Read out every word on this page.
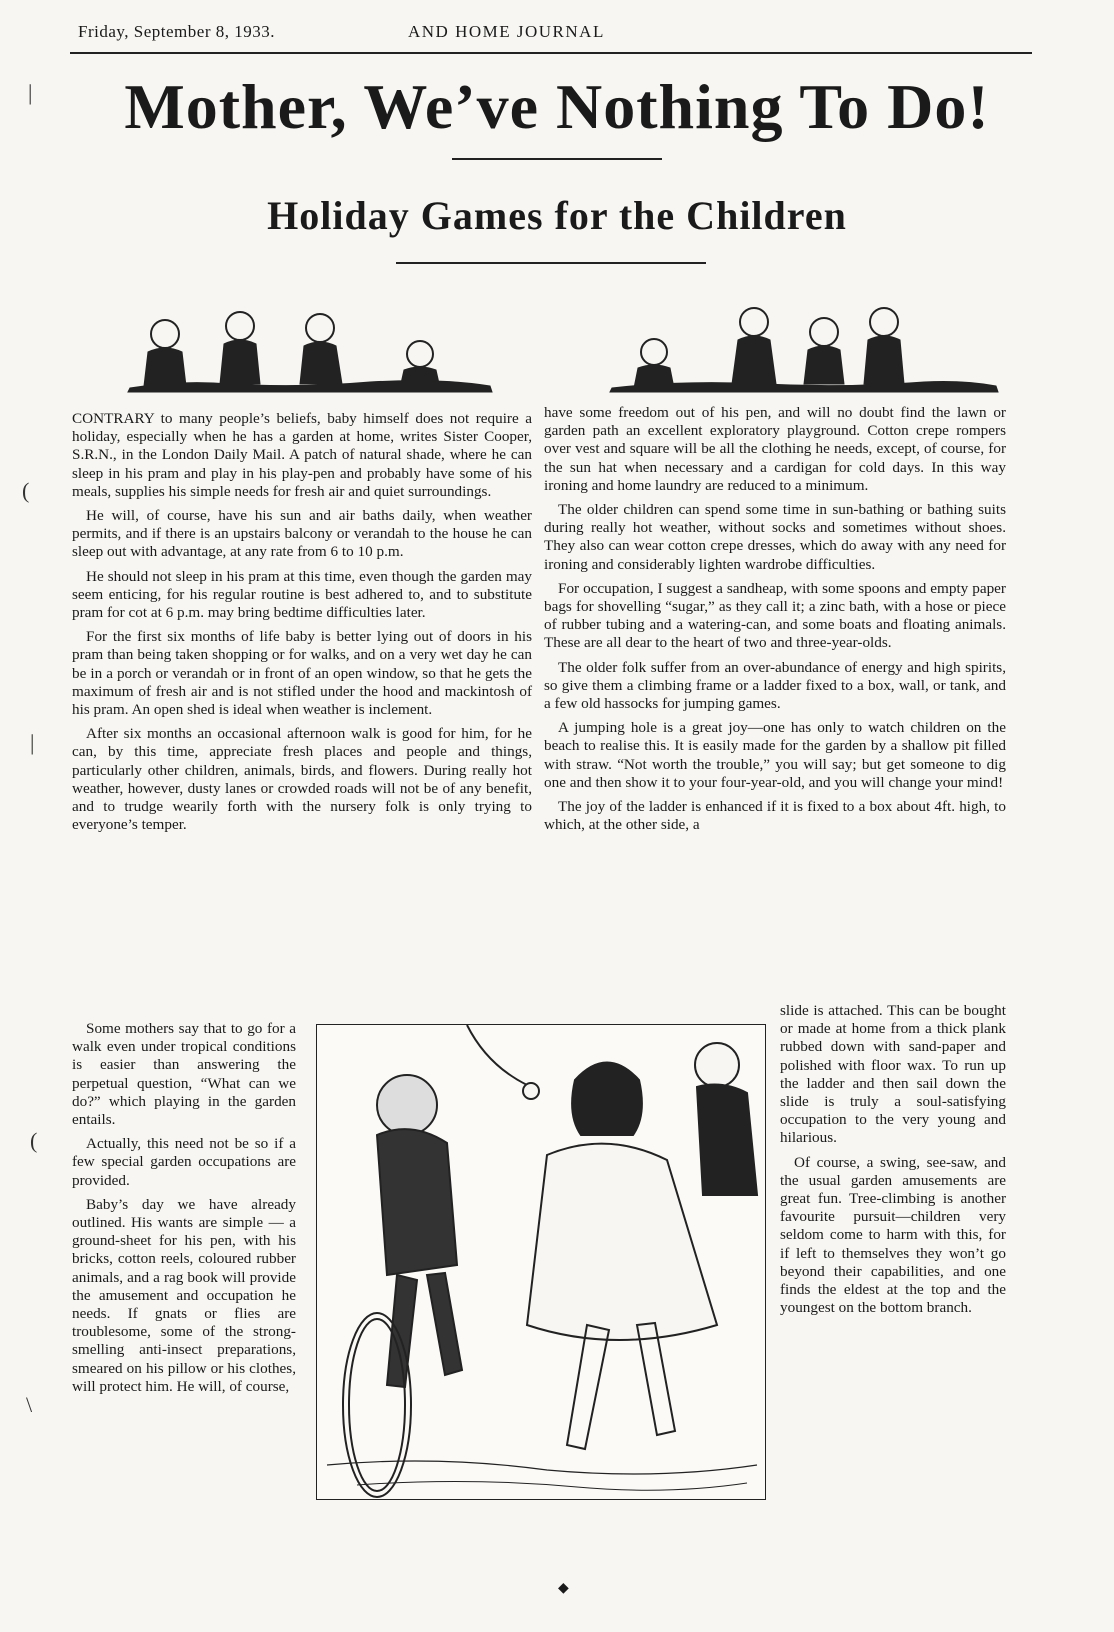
Friday, September 8, 1933.	AND HOME JOURNAL
|
(
|
(
\
Mother, We’ve Nothing To Do!
Holiday Games for the Children

CONTRARY to many people’s beliefs, baby himself does not require a holiday, especially when he has a garden at home, writes Sister Cooper, S.R.N., in the London Daily Mail. A patch of natural shade, where he can sleep in his pram and play in his play-pen and probably have some of his meals, supplies his simple needs for fresh air and quiet surroundings.

He will, of course, have his sun and air baths daily, when weather permits, and if there is an upstairs balcony or verandah to the house he can sleep out with advantage, at any rate from 6 to 10 p.m.

He should not sleep in his pram at this time, even though the garden may seem enticing, for his regular routine is best adhered to, and to substitute pram for cot at 6 p.m. may bring bedtime difficulties later.

For the first six months of life baby is better lying out of doors in his pram than being taken shopping or for walks, and on a very wet day he can be in a porch or verandah or in front of an open window, so that he gets the maximum of fresh air and is not stifled under the hood and mackintosh of his pram. An open shed is ideal when weather is inclement.

After six months an occasional afternoon walk is good for him, for he can, by this time, appreciate fresh places and people and things, particularly other children, animals, birds, and flowers. During really hot weather, however, dusty lanes or crowded roads will not be of any benefit, and to trudge wearily forth with the nursery folk is only trying to everyone’s temper.

Some mothers say that to go for a walk even under tropical conditions is easier than answering the perpetual question, “What can we do?” which playing in the garden entails.

Actually, this need not be so if a few special garden occupations are provided.

Baby’s day we have already outlined. His wants are simple — a ground-sheet for his pen, with his bricks, cotton reels, coloured rubber animals, and a rag book will provide the amusement and occupation he needs. If gnats or flies are troublesome, some of the strong-smelling anti-insect preparations, smeared on his pillow or his clothes, will protect him. He will, of course,

have some freedom out of his pen, and will no doubt find the lawn or garden path an excellent exploratory playground. Cotton crepe rompers over vest and square will be all the clothing he needs, except, of course, for the sun hat when necessary and a cardigan for cold days. In this way ironing and home laundry are reduced to a minimum.

The older children can spend some time in sun-bathing or bathing suits during really hot weather, without socks and sometimes without shoes. They also can wear cotton crepe dresses, which do away with any need for ironing and considerably lighten wardrobe difficulties.

For occupation, I suggest a sandheap, with some spoons and empty paper bags for shovelling “sugar,” as they call it; a zinc bath, with a hose or piece of rubber tubing and a watering-can, and some boats and floating animals. These are all dear to the heart of two and three-year-olds.

The older folk suffer from an over-abundance of energy and high spirits, so give them a climbing frame or a ladder fixed to a box, wall, or tank, and a few old hassocks for jumping games.

A jumping hole is a great joy—one has only to watch children on the beach to realise this. It is easily made for the garden by a shallow pit filled with straw. “Not worth the trouble,” you will say; but get someone to dig one and then show it to your four-year-old, and you will change your mind!

The joy of the ladder is enhanced if it is fixed to a box about 4ft. high, to which, at the other side, a

slide is attached. This can be bought or made at home from a thick plank rubbed down with sand-paper and polished with floor wax. To run up the ladder and then sail down the slide is truly a soul-satisfying occupation to the very young and hilarious.

Of course, a swing, see-saw, and the usual garden amusements are great fun. Tree-climbing is another favourite pursuit—children very seldom come to harm with this, for if left to themselves they won’t go beyond their capabilities, and one finds the eldest at the top and the youngest on the bottom branch.

◆
